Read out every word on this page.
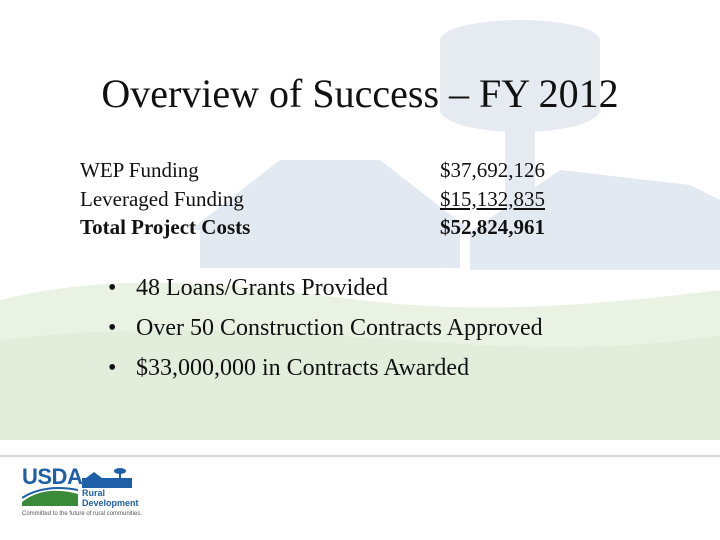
Overview of Success – FY 2012
WEP Funding	$37,692,126
Leveraged Funding	$15,132,835
Total Project Costs	$52,824,961
• 48 Loans/Grants Provided
• Over 50 Construction Contracts Approved
• $33,000,000 in Contracts Awarded
USDA
Rural
Development
Committed to the future of rural communities.
